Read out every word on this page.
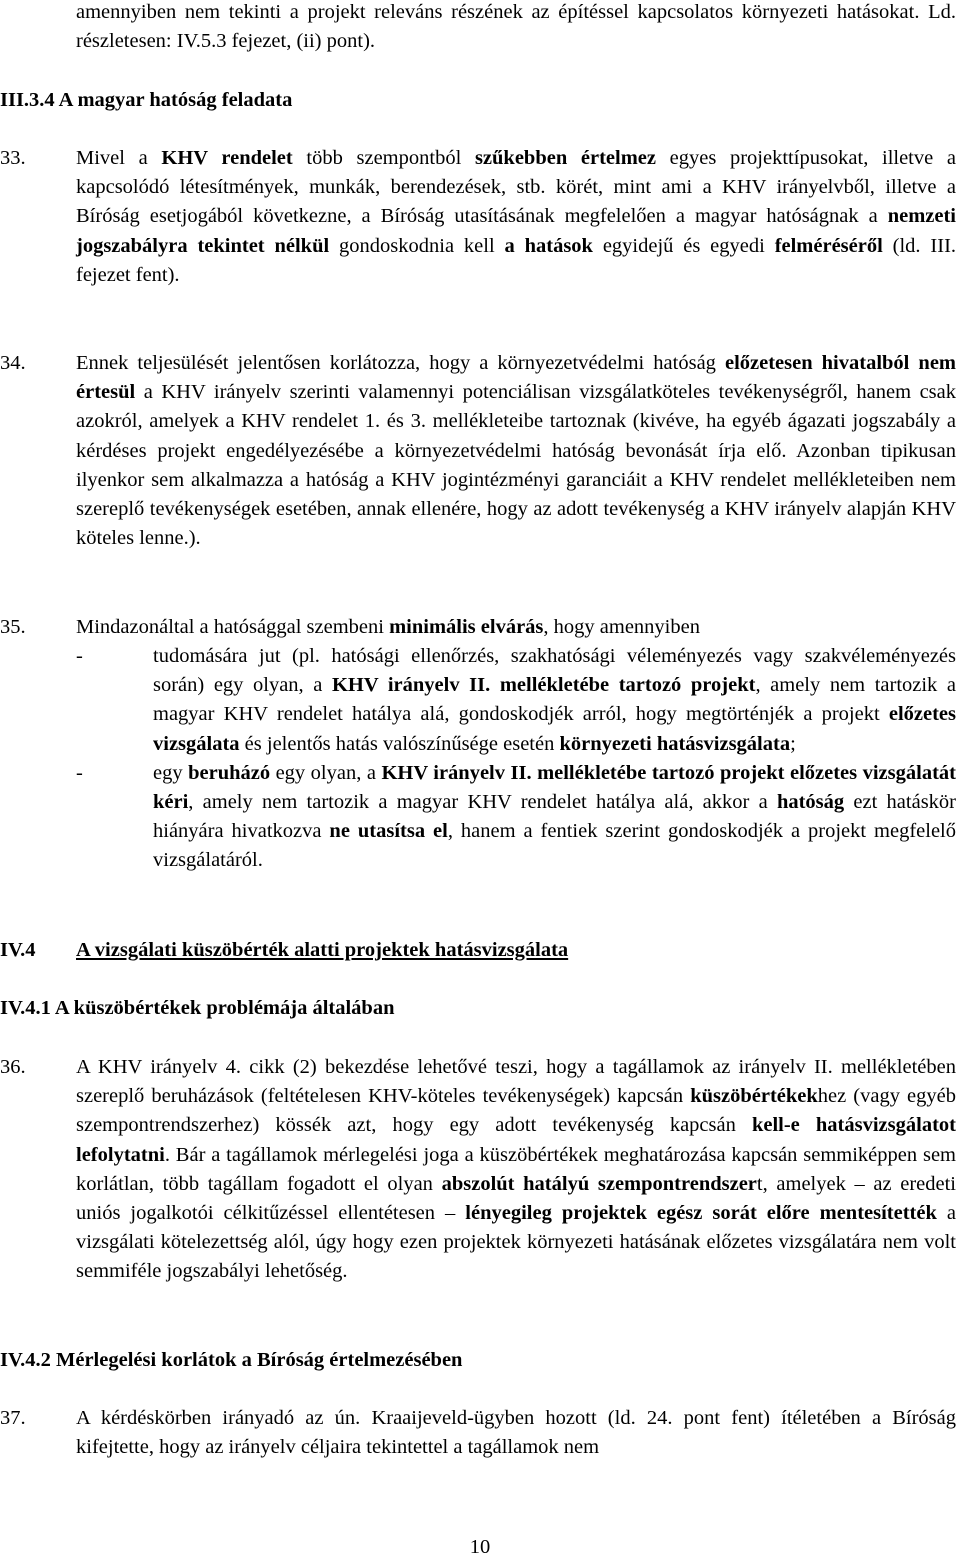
amennyiben nem tekinti a projekt releváns részének az építéssel kapcsolatos környezeti hatásokat. Ld. részletesen: IV.5.3 fejezet, (ii) pont).

III.3.4 A magyar hatóság feladata
33. Mivel a KHV rendelet több szempontból szűkebben értelmez egyes projekttípusokat, illetve a kapcsolódó létesítmények, munkák, berendezések, stb. körét, mint ami a KHV irányelvből, illetve a Bíróság esetjogából következne, a Bíróság utasításának megfelelően a magyar hatóságnak a nemzeti jogszabályra tekintet nélkül gondoskodnia kell a hatások egyidejű és egyedi felméréséről (ld. III. fejezet fent).

34. Ennek teljesülését jelentősen korlátozza, hogy a környezetvédelmi hatóság előzetesen hivatalból nem értesül a KHV irányelv szerinti valamennyi potenciálisan vizsgálatköteles tevékenységről, hanem csak azokról, amelyek a KHV rendelet 1. és 3. mellékleteibe tartoznak (kivéve, ha egyéb ágazati jogszabály a kérdéses projekt engedélyezésébe a környezetvédelmi hatóság bevonását írja elő. Azonban tipikusan ilyenkor sem alkalmazza a hatóság a KHV jogintézményi garanciáit a KHV rendelet mellékleteiben nem szereplő tevékenységek esetében, annak ellenére, hogy az adott tevékenység a KHV irányelv alapján KHV köteles lenne.).

35. Mindazonáltal a hatósággal szembeni minimális elvárás, hogy amennyiben

-	tudomására jut (pl. hatósági ellenőrzés, szakhatósági véleményezés vagy szakvéleményezés során) egy olyan, a KHV irányelv II. mellékletébe tartozó projekt, amely nem tartozik a magyar KHV rendelet hatálya alá, gondoskodjék arról, hogy megtörténjék a projekt előzetes vizsgálata és jelentős hatás valószínűsége esetén környezeti hatásvizsgálata;

-	egy beruházó egy olyan, a KHV irányelv II. mellékletébe tartozó projekt előzetes vizsgálatát kéri, amely nem tartozik a magyar KHV rendelet hatálya alá, akkor a hatóság ezt hatáskör hiányára hivatkozva ne utasítsa el, hanem a fentiek szerint gondoskodjék a projekt megfelelő vizsgálatáról.

IV.4 A vizsgálati küszöbérték alatti projektek hatásvizsgálata
IV.4.1 A küszöbértékek problémája általában
36. A KHV irányelv 4. cikk (2) bekezdése lehetővé teszi, hogy a tagállamok az irányelv II. mellékletében szereplő beruházások (feltételesen KHV-köteles tevékenységek) kapcsán küszöbértékekhez (vagy egyéb szempontrendszerhez) kössék azt, hogy egy adott tevékenység kapcsán kell-e hatásvizsgálatot lefolytatni. Bár a tagállamok mérlegelési joga a küszöbértékek meghatározása kapcsán semmiképpen sem korlátlan, több tagállam fogadott el olyan abszolút hatályú szempontrendszert, amelyek – az eredeti uniós jogalkotói célkitűzéssel ellentétesen – lényegileg projektek egész sorát előre mentesítették a vizsgálati kötelezettség alól, úgy hogy ezen projektek környezeti hatásának előzetes vizsgálatára nem volt semmiféle jogszabályi lehetőség.

IV.4.2 Mérlegelési korlátok a Bíróság értelmezésében
37. A kérdéskörben irányadó az ún. Kraaijeveld-ügyben hozott (ld. 24. pont fent) ítéletében a Bíróság kifejtette, hogy az irányelv céljaira tekintettel a tagállamok nem

10
